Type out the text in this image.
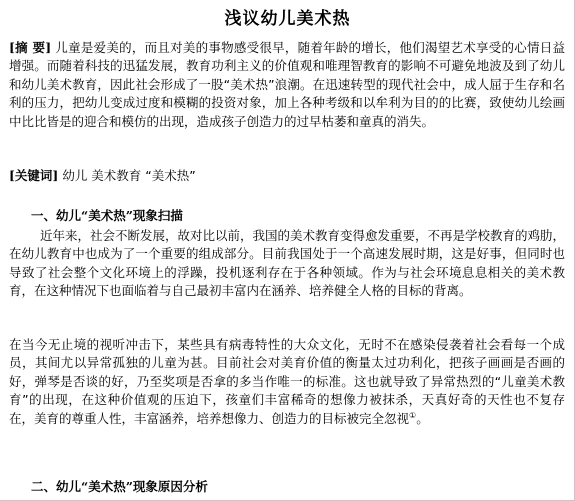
浅议幼儿美术热

[摘 要] 儿童是爱美的，而且对美的事物感受很早，随着年龄的增长，他们渴望艺术享受的心情日益增强。而随着科技的迅猛发展，教育功利主义的价值观和唯理智教育的影响不可避免地波及到了幼儿和幼儿美术教育，因此社会形成了一股“美术热”浪潮。在迅速转型的现代社会中，成人屈于生存和名利的压力，把幼儿变成过度和模糊的投资对象，加上各种考级和以牟利为目的的比赛，致使幼儿绘画中比比皆是的迎合和模仿的出现，造成孩子创造力的过早枯萎和童真的消失。

[关键词] 幼儿 美术教育 “美术热”

一、幼儿“美术热”现象扫描

近年来，社会不断发展，故对比以前，我国的美术教育变得愈发重要，不再是学校教育的鸡肋，在幼儿教育中也成为了一个重要的组成部分。目前我国处于一个高速发展时期，这是好事，但同时也导致了社会整个文化环境上的浮躁，投机逐利存在于各种领域。作为与社会环境息息相关的美术教育，在这种情况下也面临着与自己最初丰富内在涵养、培养健全人格的目标的背离。

在当今无止境的视听冲击下，某些具有病毒特性的大众文化，无时不在感染侵袭着社会看每一个成员，其间尤以异常孤独的儿童为甚。目前社会对美育价值的衡量太过功利化，把孩子画画是否画的好，弹琴是否谈的好，乃至奖项是否拿的多当作唯一的标准。这也就导致了异常热烈的“儿童美术教育”的出现，在这种价值观的压迫下，孩童们丰富稀奇的想像力被抹杀，天真好奇的天性也不复存在，美育的尊重人性，丰富涵养，培养想像力、创造力的目标被完全忽视①。

二、幼儿“美术热”现象原因分析
